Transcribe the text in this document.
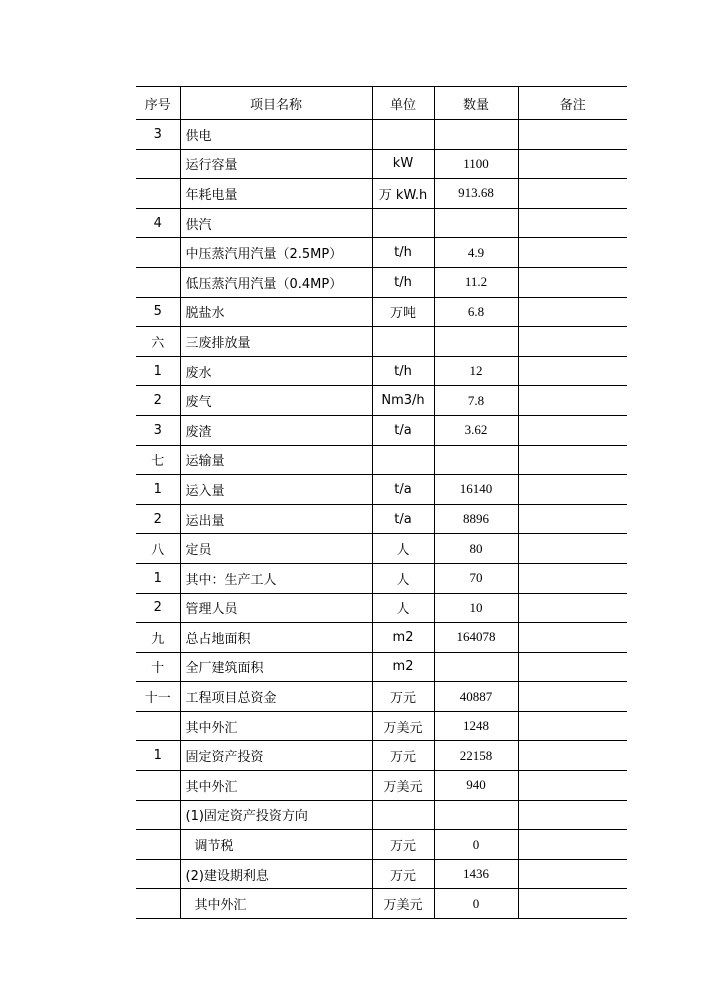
序号	项目名称	单位	数量	备注
3	供电			
	运行容量	kW	1100	
	年耗电量	万 kW.h	913.68	
4	供汽			
	中压蒸汽用汽量（2.5MP）	t/h	4.9	
	低压蒸汽用汽量（0.4MP）	t/h	11.2	
5	脱盐水	万吨	6.8	
六	三废排放量			
1	废水	t/h	12	
2	废气	Nm3/h	7.8	
3	废渣	t/a	3.62	
七	运输量			
1	运入量	t/a	16140	
2	运出量	t/a	8896	
八	定员	人	80	
1	其中：生产工人	人	70	
2	管理人员	人	10	
九	总占地面积	m2	164078	
十	全厂建筑面积	m2		
十一	工程项目总资金	万元	40887	
	其中外汇	万美元	1248	
1	固定资产投资	万元	22158	
	其中外汇	万美元	940	
	(1)固定资产投资方向			
	调节税	万元	0	
	(2)建设期利息	万元	1436	
	其中外汇	万美元	0	
